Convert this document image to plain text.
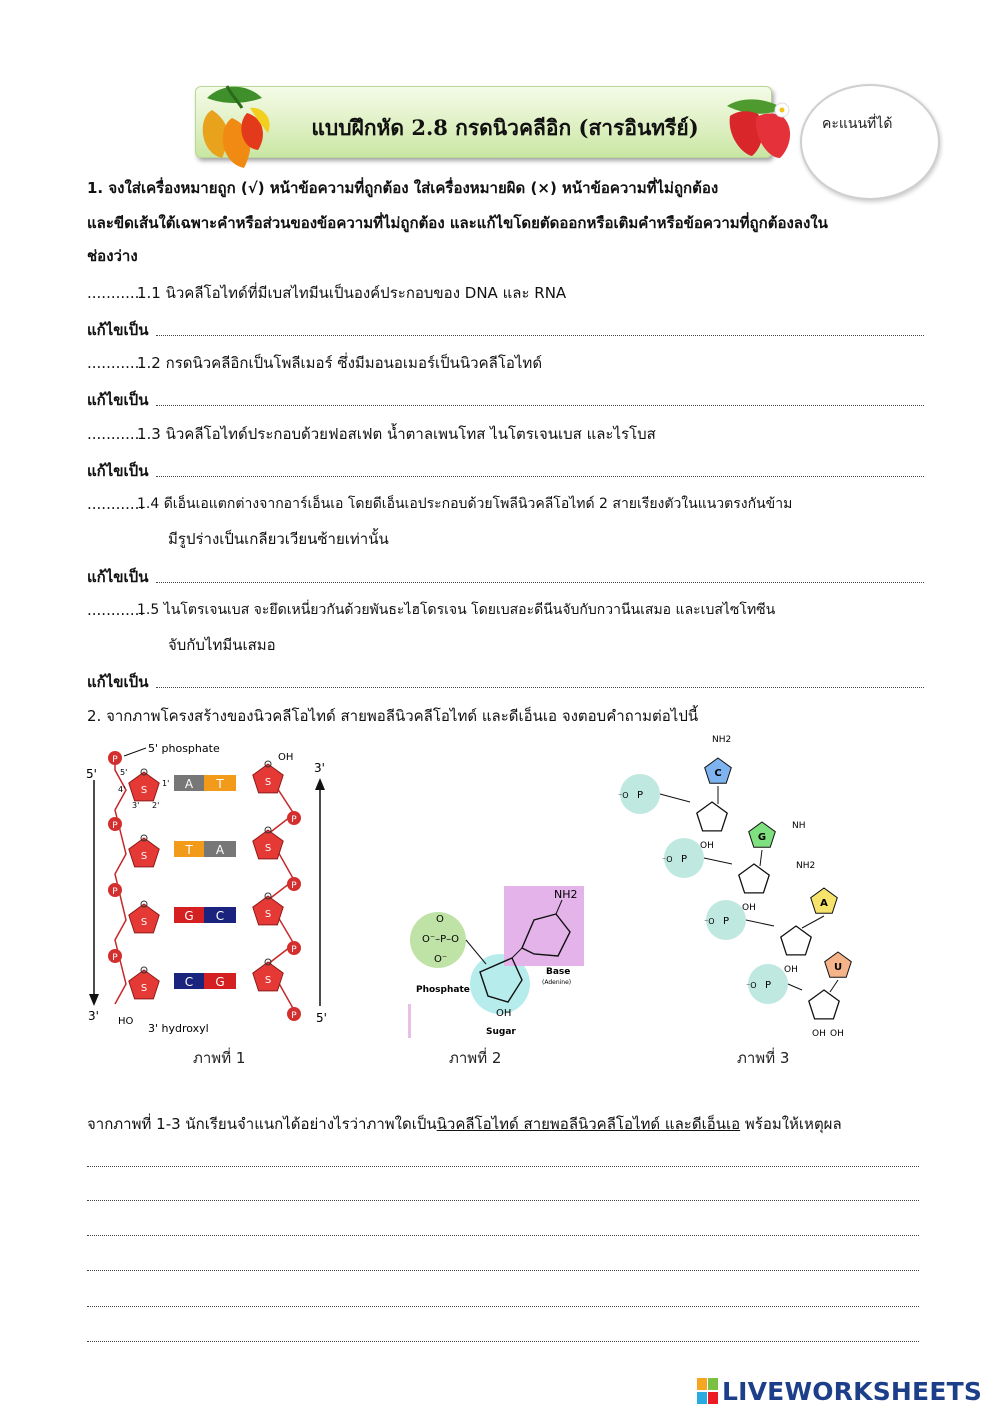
แบบฝึกหัด 2.8 กรดนิวคลีอิก (สารอินทรีย์)	คะแนนที่ได้
1. จงใส่เครื่องหมายถูก (√) หน้าข้อความที่ถูกต้อง ใส่เครื่องหมายผิด (×) หน้าข้อความที่ไม่ถูกต้อง
และขีดเส้นใต้เฉพาะคำหรือส่วนของข้อความที่ไม่ถูกต้อง และแก้ไขโดยตัดออกหรือเติมคำหรือข้อความที่ถูกต้องลงใน
ช่องว่าง
............
1.1 นิวคลีโอไทด์ที่มีเบสไทมีนเป็นองค์ประกอบของ DNA และ RNA
แก้ไขเป็น
............
1.2 กรดนิวคลีอิกเป็นโพลีเมอร์ ซึ่งมีมอนอเมอร์เป็นนิวคลีโอไทด์
แก้ไขเป็น
............
1.3 นิวคลีโอไทด์ประกอบด้วยฟอสเฟต น้ำตาลเพนโทส ไนโตรเจนเบส และไรโบส
แก้ไขเป็น
............
1.4 ดีเอ็นเอแตกต่างจากอาร์เอ็นเอ โดยดีเอ็นเอประกอบด้วยโพลีนิวคลีโอไทด์ 2 สายเรียงตัวในแนวตรงกันข้าม
มีรูปร่างเป็นเกลียวเวียนซ้ายเท่านั้น
แก้ไขเป็น
............
1.5 ไนโตรเจนเบส จะยึดเหนี่ยวกันด้วยพันธะไฮโดรเจน โดยเบสอะดีนีนจับกับกวานีนเสมอ และเบสไซโทซีน
จับกับไทมีนเสมอ
แก้ไขเป็น
2. จากภาพโครงสร้างของนิวคลีโอไทด์ สายพอลีนิวคลีโอไทด์ และดีเอ็นเอ จงตอบคำถามต่อไปนี้
5'
3'
3'
5'
5' phosphate
3' hydroxyl
HO
OH
5'
4'
3' 2'
1'
P
P
P
P
P
P
P
P
S
S
A T
S
S
T A
S
S
G C
S
S
C G
O⁻–P–O
O
O⁻
NH2
OH
Phosphate
Sugar
Base
(Adenine)
P
⁻O
OH
C
P
⁻O
OH
G
P
⁻O
OH
A
P
⁻O
OH OH
U
NH2
NH2
NH
ภาพที่ 1	ภาพที่ 2	ภาพที่ 3
จากภาพที่ 1-3 นักเรียนจำแนกได้อย่างไรว่าภาพใดเป็นนิวคลีโอไทด์ สายพอลีนิวคลีโอไทด์ และดีเอ็นเอ พร้อมให้เหตุผล
LIVEWORKSHEETS
